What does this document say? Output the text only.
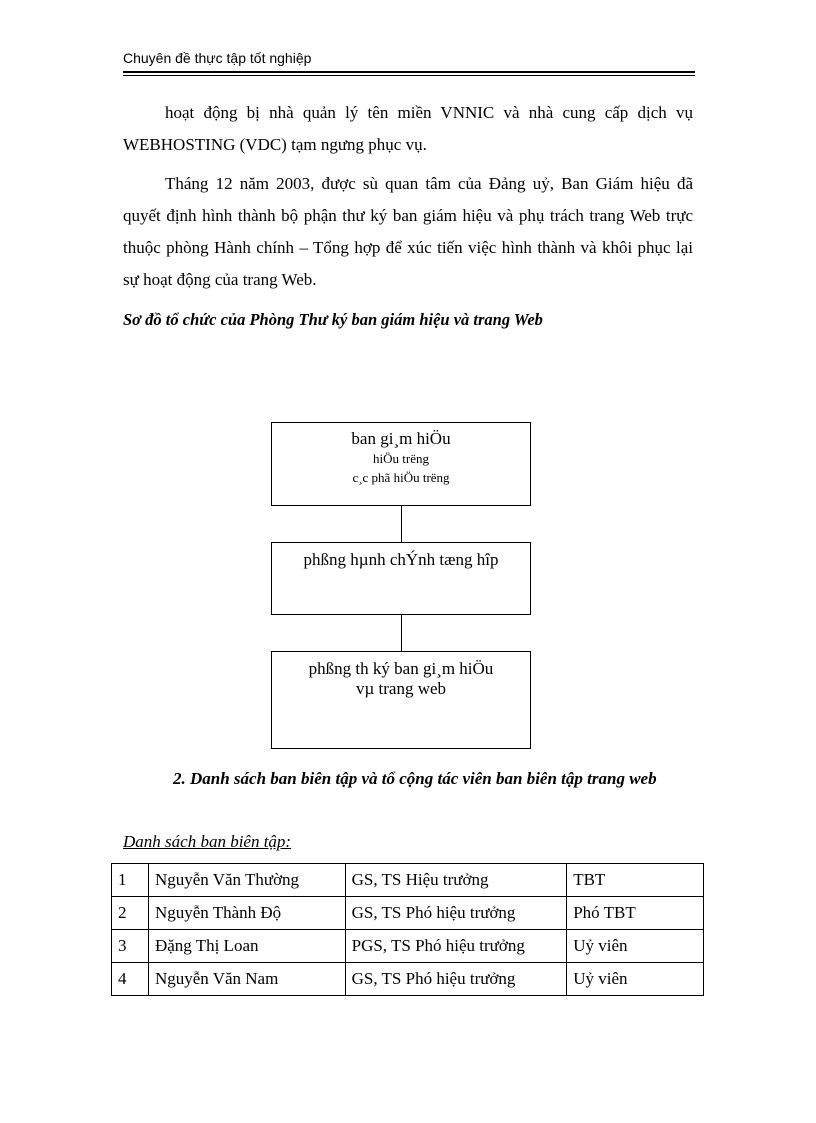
Chuyên đề thực tập tốt nghiệp

hoạt động bị nhà quản lý tên miền VNNIC và nhà cung cấp dịch vụ WEBHOSTING (VDC) tạm ngưng phục vụ.

Tháng 12 năm 2003, được sù quan tâm của Đảng uỷ, Ban Giám hiệu đã quyết định hình thành bộ phận thư ký ban giám hiệu và phụ trách trang Web trực thuộc phòng Hành chính – Tổng hợp để xúc tiến việc hình thành và khôi phục lại sự hoạt động của trang Web.

Sơ đồ tổ chức của Phòng Thư ký ban giám hiệu và trang Web
ban gi¸m hiÖu
hiÖu trëng
c¸c phã hiÖu trëng
phßng hµnh chÝnh tæng hîp
phßng th ký ban gi¸m hiÖu
vµ trang web
2. Danh sách ban biên tập và tổ cộng tác viên ban biên tập trang web
Danh sách ban biên tập:
1	Nguyễn Văn Thường	GS, TS Hiệu trưởng	TBT
2	Nguyễn Thành Độ	GS, TS Phó hiệu trưởng	Phó TBT
3	Đặng Thị Loan	PGS, TS Phó hiệu trưởng	Uỷ viên
4	Nguyễn Văn Nam	GS, TS Phó hiệu trưởng	Uỷ viên
